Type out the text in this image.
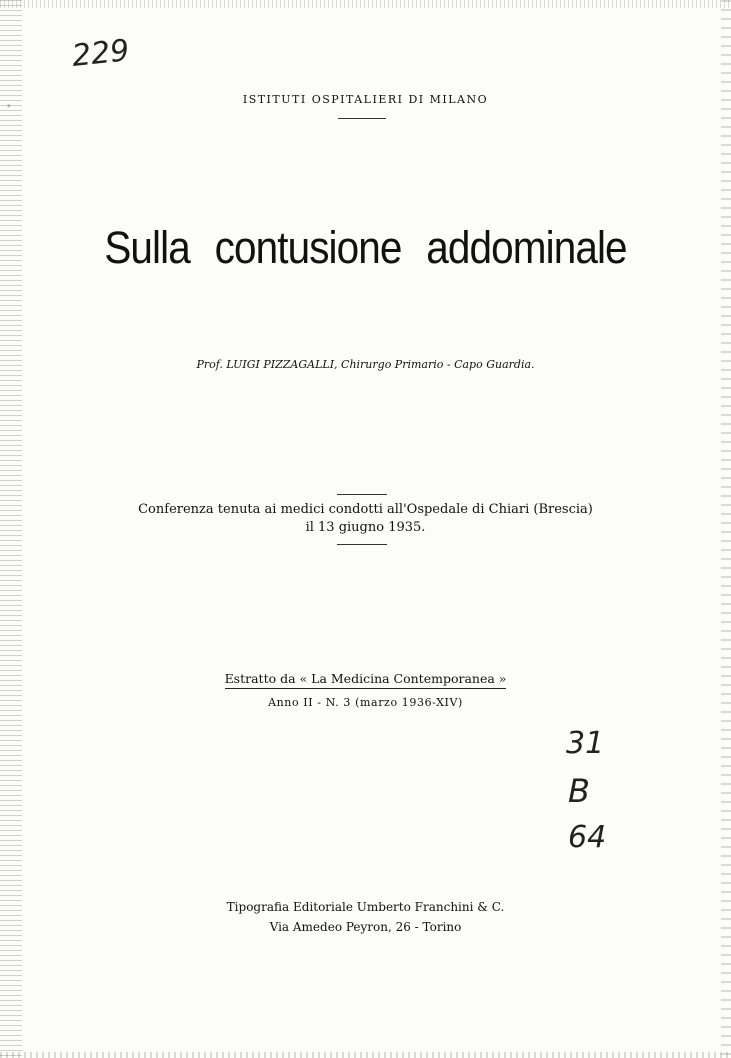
229
ISTITUTI OSPITALIERI DI MILANO
Sulla contusione addominale
Prof. LUIGI PIZZAGALLI, Chirurgo Primario - Capo Guardia.
Conferenza tenuta ai medici condotti all'Ospedale di Chiari (Brescia)
il 13 giugno 1935.
Estratto da « La Medicina Contemporanea »
Anno II - N. 3 (marzo 1936-XIV)
31
B
64
Tipografia Editoriale Umberto Franchini & C.
Via Amedeo Peyron, 26 - Torino
